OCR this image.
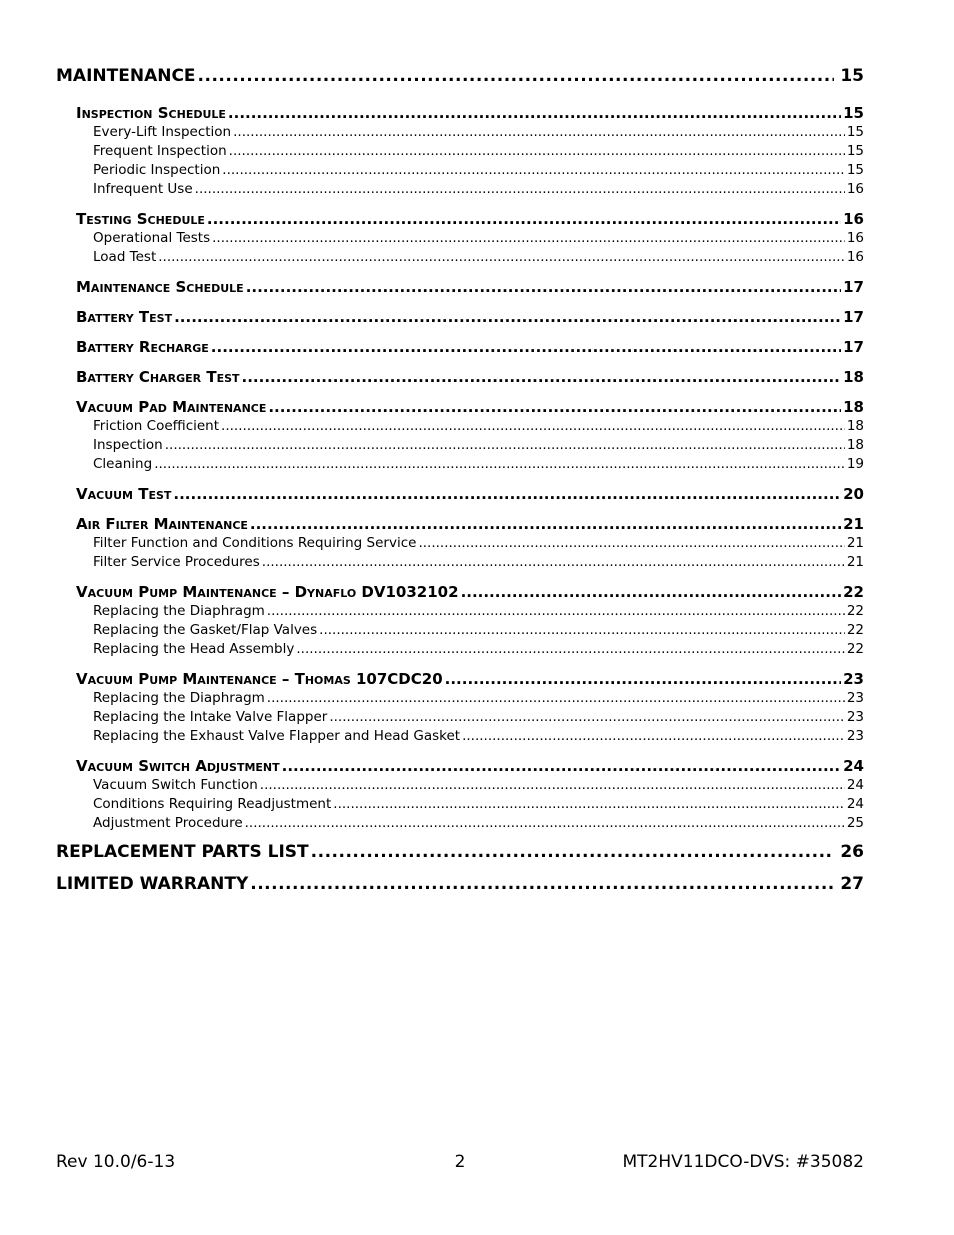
MAINTENANCE .....	15
Inspection Schedule .....	15
Every-Lift Inspection .....	15
Frequent Inspection .....	15
Periodic Inspection .....	15
Infrequent Use .....	16
Testing Schedule .....	16
Operational Tests .....	16
Load Test .....	16
Maintenance Schedule .....	17
Battery Test .....	17
Battery Recharge .....	17
Battery Charger Test .....	18
Vacuum Pad Maintenance .....	18
Friction Coefficient .....	18
Inspection .....	18
Cleaning .....	19
Vacuum Test .....	20
Air Filter Maintenance .....	21
Filter Function and Conditions Requiring Service .....	21
Filter Service Procedures .....	21
Vacuum Pump Maintenance – Dynaflo DV1032102 .....	22
Replacing the Diaphragm .....	22
Replacing the Gasket/Flap Valves .....	22
Replacing the Head Assembly .....	22
Vacuum Pump Maintenance – Thomas 107CDC20 .....	23
Replacing the Diaphragm .....	23
Replacing the Intake Valve Flapper .....	23
Replacing the Exhaust Valve Flapper and Head Gasket .....	23
Vacuum Switch Adjustment .....	24
Vacuum Switch Function .....	24
Conditions Requiring Readjustment .....	24
Adjustment Procedure .....	25
REPLACEMENT PARTS LIST .....	26
LIMITED WARRANTY .....	27
Rev 10.0/6-13	2	MT2HV11DCO-DVS: #35082
